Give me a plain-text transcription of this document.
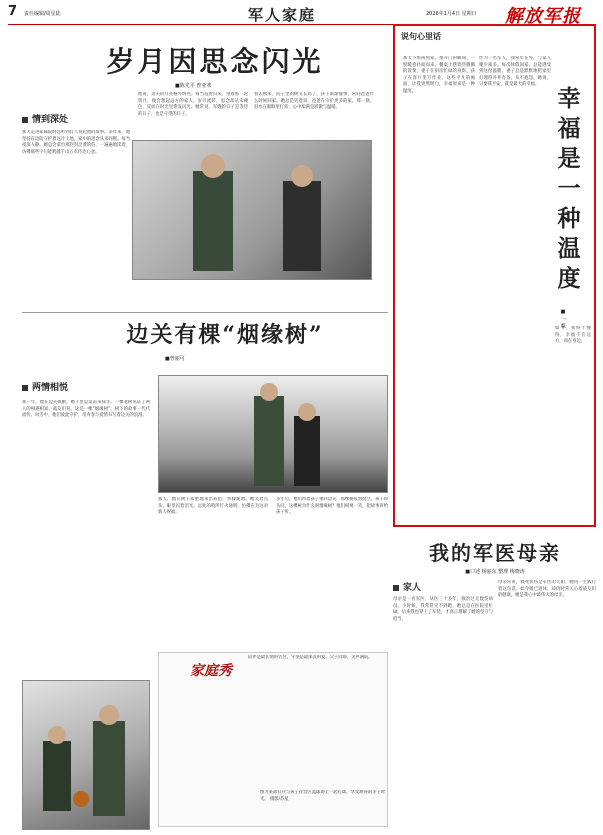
7 责任编辑/周星陆	军人家庭	2026年1月4日 星期日 解放军报
岁月因思念闪光
■陈光平 曾亚欢
情到深处
那天走进家属院时总听到有人说起他的故事。多年来，他坚持在边防守护着这片土地，家中的思念从未间断。每当夜深人静，她总会拿出那封封泛黄的信，一遍遍地读着，仿佛那些字句能跨越千山万水传达心意。
他说，边关的月亮格外明亮。每当巡逻归来，望着那一轮明月，便会想起远方的家人。岁月流转，思念却从未褪色，反而在时光里愈发闪光。她常说，军嫂的日子是等待的日子，也是守望的日子。
春去秋来，院子里的树又长高了。孩子渐渐懂事，常问爸爸什么时候回家。她总是笑着说，爸爸在守护更多的家。那一刻，泪水在眼眶里打转，心中却满是骄傲与温暖。
边关有棵“烟缘树”
■曾丽可
两情相悦
那一年，他在边关执勤，她千里迢迢前来探亲。一棵老树见证了两人的相遇相知。战友们说，这是一棵“烟缘树”，树下的故事一代代流传。风雪中，他们彼此守护，用青春与爱情书写着边关的浪漫。
那天，他在树下郑重地拿出戒指，单膝跪地。她笑着点头，眼里闪着泪光。远处的哨所灯火通明，仿佛在为这对新人祝福。
多年后，他们带着孩子重回边关，那棵树依然挺立。孩子仰头问，这棵树为什么叫烟缘树？他们相视一笑，把故事讲给孩子听。
家庭秀
陪伴是最长情的告白，守望是最深沉的爱。父子同场，笑声满院。
图为某部官兵与孩子在营区篮球场上一起打球，享受难得的亲子时光。 摄影/苏星
说句心里话
那天下班回到家，推开门的瞬间，一股暖意扑面而来。餐桌上摆着热腾腾的饭菜，妻子在厨房忙碌的身影，孩子在客厅里写作业。这些平凡的画面，让我突然明白，幸福原来是一种温度。
作为一名军人，我常年在外，与家人聚少离多。每次休假回家，总能感受到这份温暖。妻子总是默默地把家里打理得井井有条，从不抱怨。她说，只要我平安，就是最大的幸福。
幸福是一种温度
■ 一 帆
如今，我终于懂得，幸福不在远方，而在身边。
我的军医母亲
■口述 杨丽东 整理 梅晓涛
家人
母亲是一名军医，从医三十多年，救治过无数伤病员。小时候，我常常见不到她，她总是在医院里忙碌。后来我也穿上了军装，才真正理解了她的坚守与担当。
母亲常说，救死扶伤是军医的天职。她用一生践行着这句话。如今她已退休，却仍时常关心着战友们的健康。她是我心中最伟大的母亲。
